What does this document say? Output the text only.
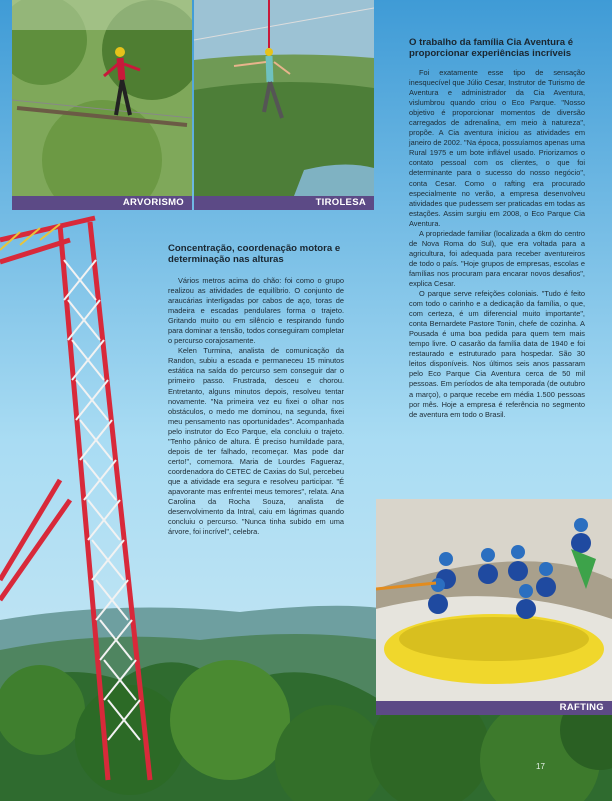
ARVORISMO	TIROLESA
RAFTING
O trabalho da família Cia Aventura é proporcionar experiências incríveis

Foi exatamente esse tipo de sensação inesquecível que Júlio Cesar, Instrutor de Turismo de Aventura e administrador da Cia Aventura, vislumbrou quando criou o Eco Parque. "Nosso objetivo é proporcionar momentos de diversão carregados de adrenalina, em meio à natureza", propõe. A Cia aventura iniciou as atividades em janeiro de 2002. "Na época, possuíamos apenas uma Rural 1975 e um bote inflável usado. Priorizamos o contato pessoal com os clientes, o que foi determinante para o sucesso do nosso negócio", conta Cesar. Como o rafting era procurado especialmente no verão, a empresa desenvolveu atividades que pudessem ser praticadas em todas as estações. Assim surgiu em 2008, o Eco Parque Cia Aventura.

A propriedade familiar (localizada a 6km do centro de Nova Roma do Sul), que era voltada para a agricultura, foi adequada para receber aventureiros de todo o país. "Hoje grupos de empresas, escolas e famílias nos procuram para encarar novos desafios", explica Cesar.

O parque serve refeições coloniais. "Tudo é feito com todo o carinho e a dedicação da família, o que, com certeza, é um diferencial muito importante", conta Bernardete Pastore Tonin, chefe de cozinha. A Pousada é uma boa pedida para quem tem mais tempo livre. O casarão da família data de 1940 e foi restaurado e estruturado para hospedar. São 30 leitos disponíveis. Nos últimos seis anos passaram pelo Eco Parque Cia Aventura cerca de 50 mil pessoas. Em períodos de alta temporada (de outubro a março), o parque recebe em média 1.500 pessoas por mês. Hoje a empresa é referência no segmento de aventura em todo o Brasil.

Concentração, coordenação motora e determinação nas alturas

Vários metros acima do chão: foi como o grupo realizou as atividades de equilíbrio. O conjunto de araucárias interligadas por cabos de aço, toras de madeira e escadas pendulares forma o trajeto. Gritando muito ou em silêncio e respirando fundo para dominar a tensão, todos conseguiram completar o percurso corajosamente.

Kelen Turmina, analista de comunicação da Randon, subiu a escada e permaneceu 15 minutos estática na saída do percurso sem conseguir dar o primeiro passo. Frustrada, desceu e chorou. Entretanto, alguns minutos depois, resolveu tentar novamente. "Na primeira vez eu fixei o olhar nos obstáculos, o medo me dominou, na segunda, fixei meu pensamento nas oportunidades". Acompanhada pelo instrutor do Eco Parque, ela concluiu o trajeto. "Tenho pânico de altura. É preciso humildade para, depois de ter falhado, recomeçar. Mas pode dar certo!", comemora. Maria de Lourdes Fagueraz, coordenadora do CETEC de Caxias do Sul, percebeu que a atividade era segura e resolveu participar. "É apavorante mas enfrentei meus temores", relata. Ana Carolina da Rocha Souza, analista de desenvolvimento da Intral, caiu em lágrimas quando concluiu o percurso. "Nunca tinha subido em uma árvore, foi incrível", celebra.

17
